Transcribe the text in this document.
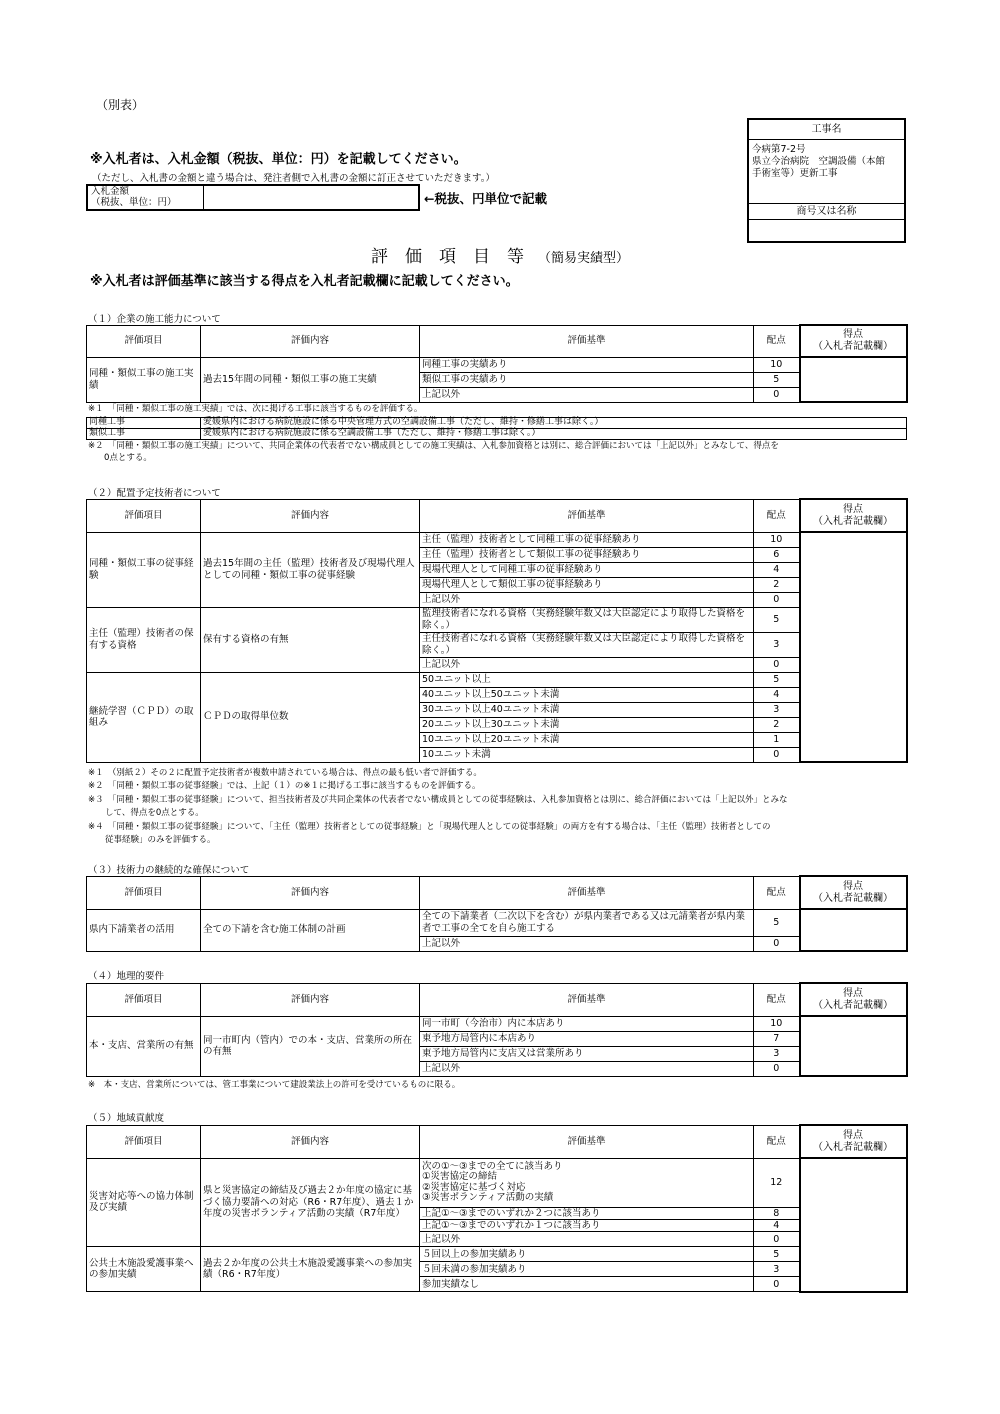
（別表）
※入札者は、入札金額（税抜、単位：円）を記載してください。
（ただし、入札書の金額と違う場合は、発注者側で入札書の金額に訂正させていただきます。）
入札金額
（税抜、単位：円）	←税抜、円単位で記載
工事名
今病第7-2号
県立今治病院　空調設備（本館
手術室等）更新工事
商号又は名称
評　価　項　目　等 （簡易実績型）
※入札者は評価基準に該当する得点を入札者記載欄に記載してください。
（１）企業の施工能力について
評価項目	評価内容	評価基準	配点	得点
（入札者記載欄）

同種・類似工事の施工実績	過去15年間の同種・類似工事の施工実績	同種工事の実績あり	10	
		類似工事の実績あり	5	
		上記以外	0	
※１　「同種・類似工事の施工実績」では、次に掲げる工事に該当するものを評価する。
同種工事	愛媛県内における病院施設に係る中央管理方式の空調設備工事（ただし、維持・修繕工事は除く。）
類似工事	愛媛県内における病院施設に係る空調設備工事（ただし、維持・修繕工事は除く。）
※２　「同種・類似工事の施工実績」について、共同企業体の代表者でない構成員としての施工実績は、入札参加資格とは別に、総合評価においては「上記以外」とみなして、得点を
0点とする。
（２）配置予定技術者について
評価項目	評価内容	評価基準	配点	得点
（入札者記載欄）

同種・類似工事の従事経験	過去15年間の主任（監理）技術者及び現場代理人としての同種・類似工事の従事経験	主任（監理）技術者として同種工事の従事経験あり	10	
		主任（監理）技術者として類似工事の従事経験あり	6	
		現場代理人として同種工事の従事経験あり	4	
		現場代理人として類似工事の従事経験あり	2	
		上記以外	0	
主任（監理）技術者の保有する資格	保有する資格の有無	監理技術者になれる資格（実務経験年数又は大臣認定により取得した資格を除く。）	5	
		主任技術者になれる資格（実務経験年数又は大臣認定により取得した資格を除く。）	3	
		上記以外	0	
継続学習（ＣＰＤ）の取組み	ＣＰＤの取得単位数	50ユニット以上	5	
		40ユニット以上50ユニット未満	4	
		30ユニット以上40ユニット未満	3	
		20ユニット以上30ユニット未満	2	
		10ユニット以上20ユニット未満	1	
		10ユニット未満	0	
※１　（別紙２）その２に配置予定技術者が複数申請されている場合は、得点の最も低い者で評価する。
※２　「同種・類似工事の従事経験」では、上記（１）の※１に掲げる工事に該当するものを評価する。
※３　「同種・類似工事の従事経験」について、担当技術者及び共同企業体の代表者でない構成員としての従事経験は、入札参加資格とは別に、総合評価においては「上記以外」とみな
　　して、得点を0点とする。
※４　「同種・類似工事の従事経験」について、「主任（監理）技術者としての従事経験」と「現場代理人としての従事経験」の両方を有する場合は、「主任（監理）技術者としての
　　従事経験」のみを評価する。
（３）技術力の継続的な確保について
評価項目	評価内容	評価基準	配点	得点
（入札者記載欄）

県内下請業者の活用	全ての下請を含む施工体制の計画	全ての下請業者（二次以下を含む）が県内業者である又は元請業者が県内業者で工事の全てを自ら施工する	5	
		上記以外	0	
（４）地理的要件
評価項目	評価内容	評価基準	配点	得点
（入札者記載欄）

本・支店、営業所の有無	同一市町内（管内）での本・支店、営業所の所在の有無	同一市町（今治市）内に本店あり	10	
		東予地方局管内に本店あり	7	
		東予地方局管内に支店又は営業所あり	3	
		上記以外	0	
※　本・支店、営業所については、管工事業について建設業法上の許可を受けているものに限る。
（５）地域貢献度
評価項目	評価内容	評価基準	配点	得点
（入札者記載欄）

災害対応等への協力体制及び実績	県と災害協定の締結及び過去２か年度の協定に基づく協力要請への対応（R6・R7年度）、過去１か年度の災害ボランティア活動の実績（R7年度）	次の①～③までの全てに該当あり
①災害協定の締結
②災害協定に基づく対応
③災害ボランティア活動の実績	12	
		上記①～③までのいずれか２つに該当あり	8	
		上記①～③までのいずれか１つに該当あり	4	
		上記以外	0	
公共土木施設愛護事業への参加実績	過去２か年度の公共土木施設愛護事業への参加実績（R6・R7年度）	５回以上の参加実績あり	5	
		５回未満の参加実績あり	3	
		参加実績なし	0	
